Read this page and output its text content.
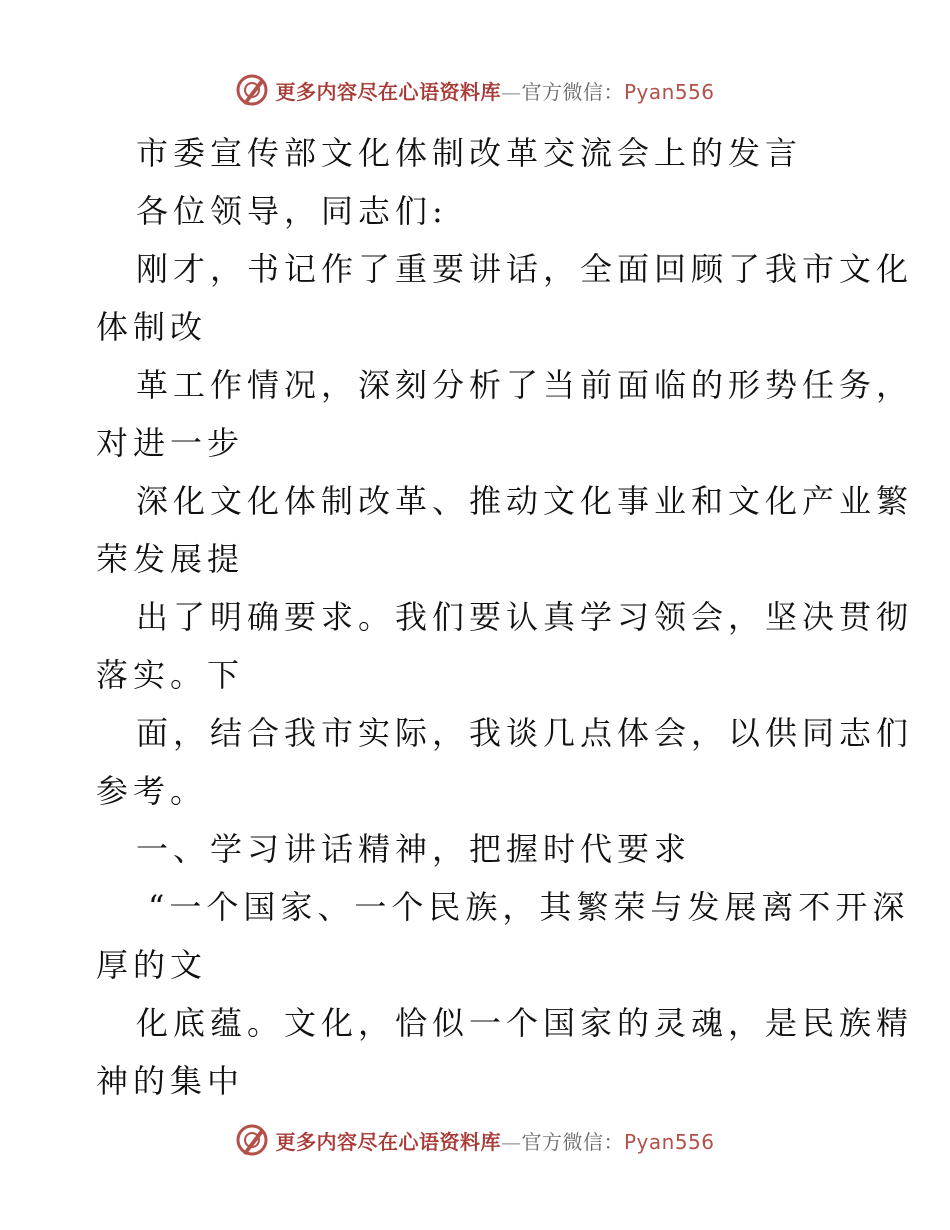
更多内容尽在心语资料库—官方微信：Pyan556
市委宣传部文化体制改革交流会上的发言
各位领导，同志们:
刚才，书记作了重要讲话，全面回顾了我市文化
体制改
革工作情况，深刻分析了当前面临的形势任务，
对进一步
深化文化体制改革、推动文化事业和文化产业繁
荣发展提
出了明确要求。我们要认真学习领会，坚决贯彻
落实。下
面，结合我市实际，我谈几点体会，以供同志们
参考。
一、学习讲话精神，把握时代要求
“一个国家、一个民族，其繁荣与发展离不开深
厚的文
化底蕴。文化，恰似一个国家的灵魂，是民族精
神的集中
更多内容尽在心语资料库—官方微信：Pyan556
